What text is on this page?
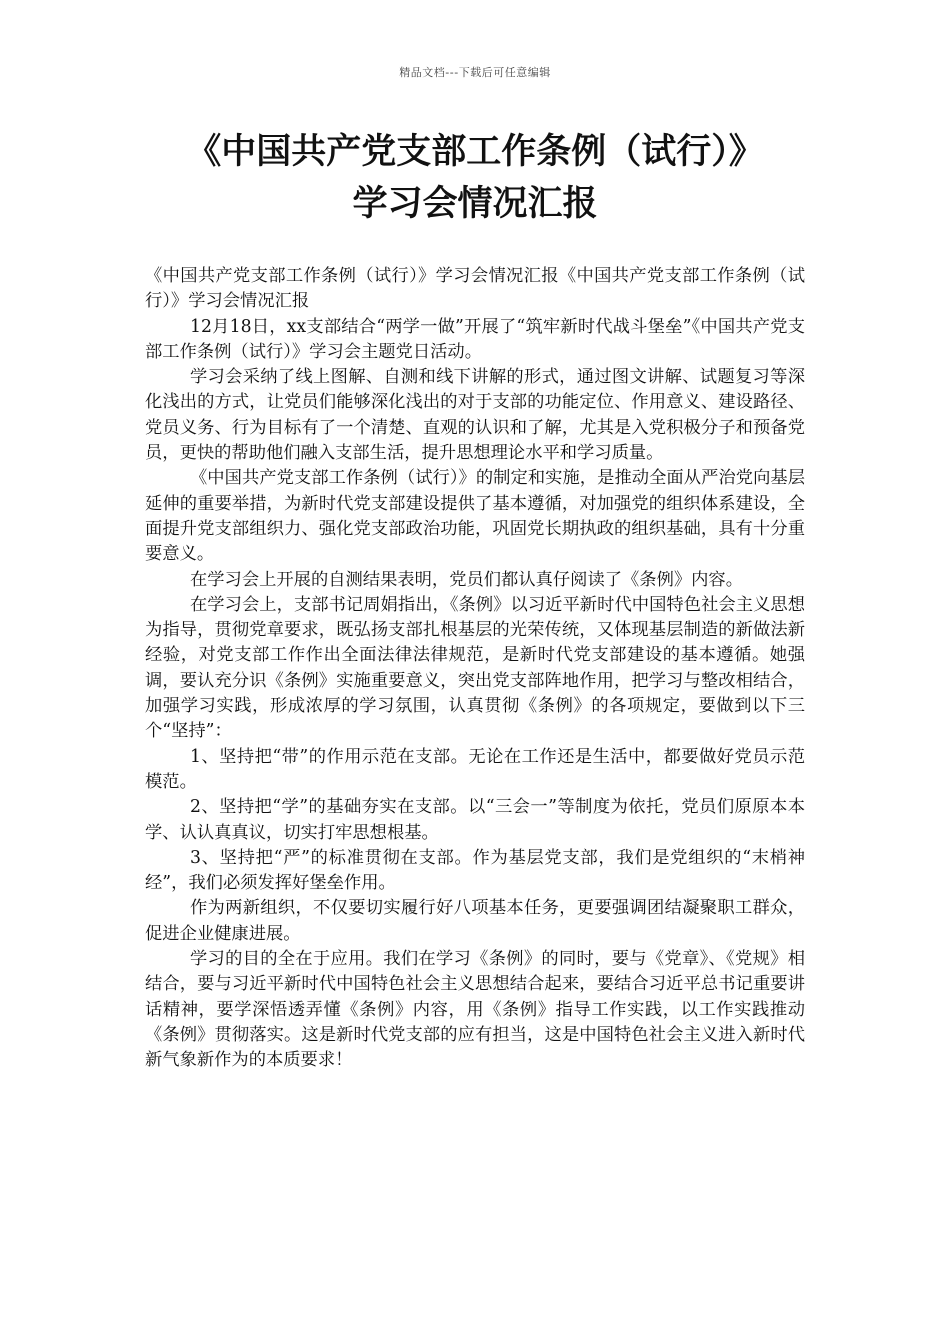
精品文档---下载后可任意编辑
《中国共产党支部工作条例（试行）》
学习会情况汇报

《中国共产党支部工作条例（试行）》学习会情况汇报《中国共产党支部工作条例（试行）》学习会情况汇报

12月18日，xx支部结合“两学一做”开展了“筑牢新时代战斗堡垒”《中国共产党支部工作条例（试行）》学习会主题党日活动。

学习会采纳了线上图解、自测和线下讲解的形式，通过图文讲解、试题复习等深化浅出的方式，让党员们能够深化浅出的对于支部的功能定位、作用意义、建设路径、党员义务、行为目标有了一个清楚、直观的认识和了解，尤其是入党积极分子和预备党员，更快的帮助他们融入支部生活，提升思想理论水平和学习质量。

《中国共产党支部工作条例（试行）》的制定和实施，是推动全面从严治党向基层延伸的重要举措，为新时代党支部建设提供了基本遵循，对加强党的组织体系建设，全面提升党支部组织力、强化党支部政治功能，巩固党长期执政的组织基础，具有十分重要意义。

在学习会上开展的自测结果表明，党员们都认真仔阅读了《条例》内容。

在学习会上，支部书记周娟指出，《条例》以习近平新时代中国特色社会主义思想为指导，贯彻党章要求，既弘扬支部扎根基层的光荣传统，又体现基层制造的新做法新经验，对党支部工作作出全面法律法律规范，是新时代党支部建设的基本遵循。她强调，要认充分识《条例》实施重要意义，突出党支部阵地作用，把学习与整改相结合，加强学习实践，形成浓厚的学习氛围，认真贯彻《条例》的各项规定，要做到以下三个“坚持”：

1、坚持把“带”的作用示范在支部。无论在工作还是生活中，都要做好党员示范模范。

2、坚持把“学”的基础夯实在支部。以“三会一”等制度为依托，党员们原原本本学、认认真真议，切实打牢思想根基。

3、坚持把“严”的标准贯彻在支部。作为基层党支部，我们是党组织的“末梢神经”，我们必须发挥好堡垒作用。

作为两新组织，不仅要切实履行好八项基本任务，更要强调团结凝聚职工群众，促进企业健康进展。

学习的目的全在于应用。我们在学习《条例》的同时，要与《党章》、《党规》相结合，要与习近平新时代中国特色社会主义思想结合起来，要结合习近平总书记重要讲话精神，要学深悟透弄懂《条例》内容，用《条例》指导工作实践，以工作实践推动《条例》贯彻落实。这是新时代党支部的应有担当，这是中国特色社会主义进入新时代新气象新作为的本质要求！
